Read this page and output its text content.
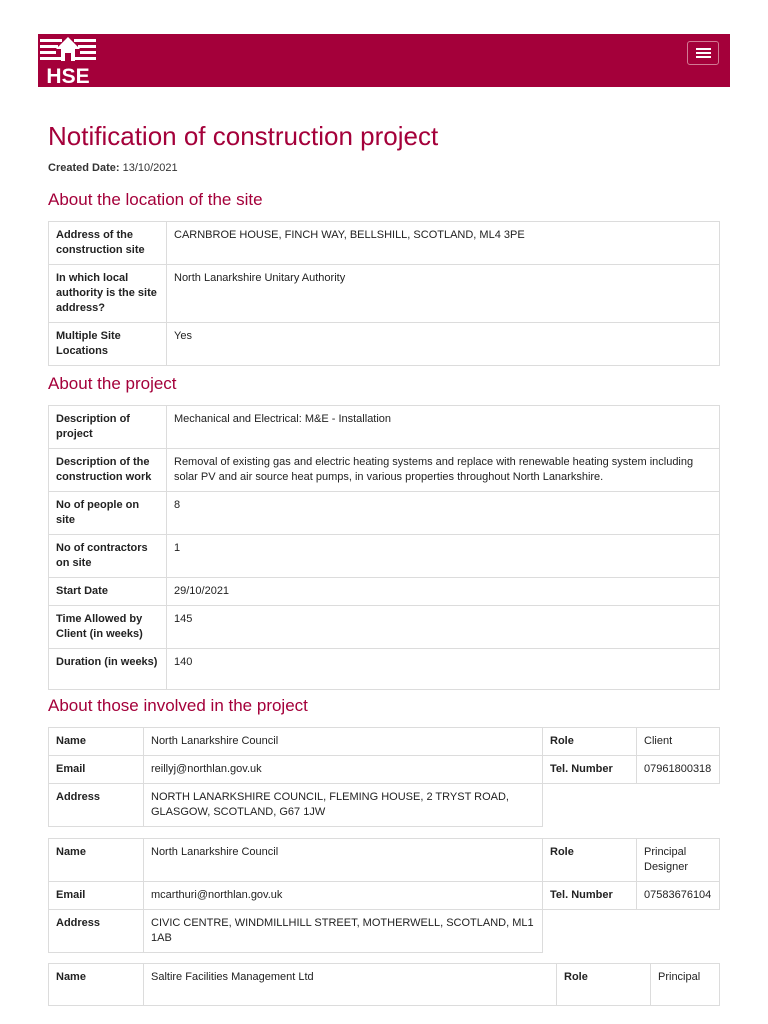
HSE
Notification of construction project
Created Date: 13/10/2021
About the location of the site
Address of the construction site	CARNBROE HOUSE, FINCH WAY, BELLSHILL, SCOTLAND, ML4 3PE
In which local authority is the site address?	North Lanarkshire Unitary Authority
Multiple Site Locations	Yes
About the project
Description of project	Mechanical and Electrical: M&E - Installation
Description of the construction work	Removal of existing gas and electric heating systems and replace with renewable heating system including solar PV and air source heat pumps, in various properties throughout North Lanarkshire.
No of people on site	8
No of contractors on site	1
Start Date	29/10/2021
Time Allowed by Client (in weeks)	145
Duration (in weeks)	140
About those involved in the project
Name	North Lanarkshire Council	Role	Client
Email	reillyj@northlan.gov.uk	Tel. Number	07961800318
Address	NORTH LANARKSHIRE COUNCIL, FLEMING HOUSE, 2 TRYST ROAD, GLASGOW, SCOTLAND, G67 1JW		
Name	North Lanarkshire Council	Role	Principal Designer
Email	mcarthuri@northlan.gov.uk	Tel. Number	07583676104
Address	CIVIC CENTRE, WINDMILLHILL STREET, MOTHERWELL, SCOTLAND, ML1 1AB		
Name	Saltire Facilities Management Ltd	Role	Principal
